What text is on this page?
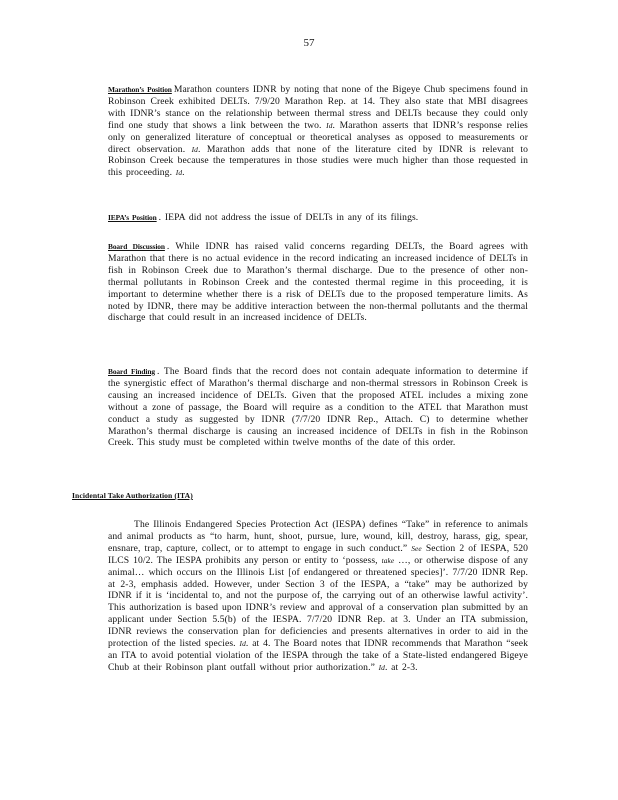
57

Marathon’s Position Marathon counters IDNR by noting that none of the Bigeye Chub specimens found in Robinson Creek exhibited DELTs. 7/9/20 Marathon Rep. at 14. They also state that MBI disagrees with IDNR’s stance on the relationship between thermal stress and DELTs because they could only find one study that shows a link between the two. Id. Marathon asserts that IDNR’s response relies only on generalized literature of conceptual or theoretical analyses as opposed to measurements or direct observation. Id. Marathon adds that none of the literature cited by IDNR is relevant to Robinson Creek because the temperatures in those studies were much higher than those requested in this proceeding. Id.

IEPA’s Position . IEPA did not address the issue of DELTs in any of its filings.

Board Discussion . While IDNR has raised valid concerns regarding DELTs, the Board agrees with Marathon that there is no actual evidence in the record indicating an increased incidence of DELTs in fish in Robinson Creek due to Marathon’s thermal discharge. Due to the presence of other non-thermal pollutants in Robinson Creek and the contested thermal regime in this proceeding, it is important to determine whether there is a risk of DELTs due to the proposed temperature limits. As noted by IDNR, there may be additive interaction between the non-thermal pollutants and the thermal discharge that could result in an increased incidence of DELTs.

Board Finding . The Board finds that the record does not contain adequate information to determine if the synergistic effect of Marathon’s thermal discharge and non-thermal stressors in Robinson Creek is causing an increased incidence of DELTs. Given that the proposed ATEL includes a mixing zone without a zone of passage, the Board will require as a condition to the ATEL that Marathon must conduct a study as suggested by IDNR (7/7/20 IDNR Rep., Attach. C) to determine whether Marathon’s thermal discharge is causing an increased incidence of DELTs in fish in the Robinson Creek. This study must be completed within twelve months of the date of this order.

Incidental Take Authorization (ITA)

The Illinois Endangered Species Protection Act (IESPA) defines “Take” in reference to animals and animal products as “to harm, hunt, shoot, pursue, lure, wound, kill, destroy, harass, gig, spear, ensnare, trap, capture, collect, or to attempt to engage in such conduct.” See Section 2 of IESPA, 520 ILCS 10/2. The IESPA prohibits any person or entity to ‘possess, take …, or otherwise dispose of any animal… which occurs on the Illinois List [of endangered or threatened species]’. 7/7/20 IDNR Rep. at 2-3, emphasis added. However, under Section 3 of the IESPA, a “take” may be authorized by IDNR if it is ‘incidental to, and not the purpose of, the carrying out of an otherwise lawful activity’. This authorization is based upon IDNR’s review and approval of a conservation plan submitted by an applicant under Section 5.5(b) of the IESPA. 7/7/20 IDNR Rep. at 3. Under an ITA submission, IDNR reviews the conservation plan for deficiencies and presents alternatives in order to aid in the protection of the listed species. Id. at 4. The Board notes that IDNR recommends that Marathon “seek an ITA to avoid potential violation of the IESPA through the take of a State-listed endangered Bigeye Chub at their Robinson plant outfall without prior authorization.” Id. at 2-3.
